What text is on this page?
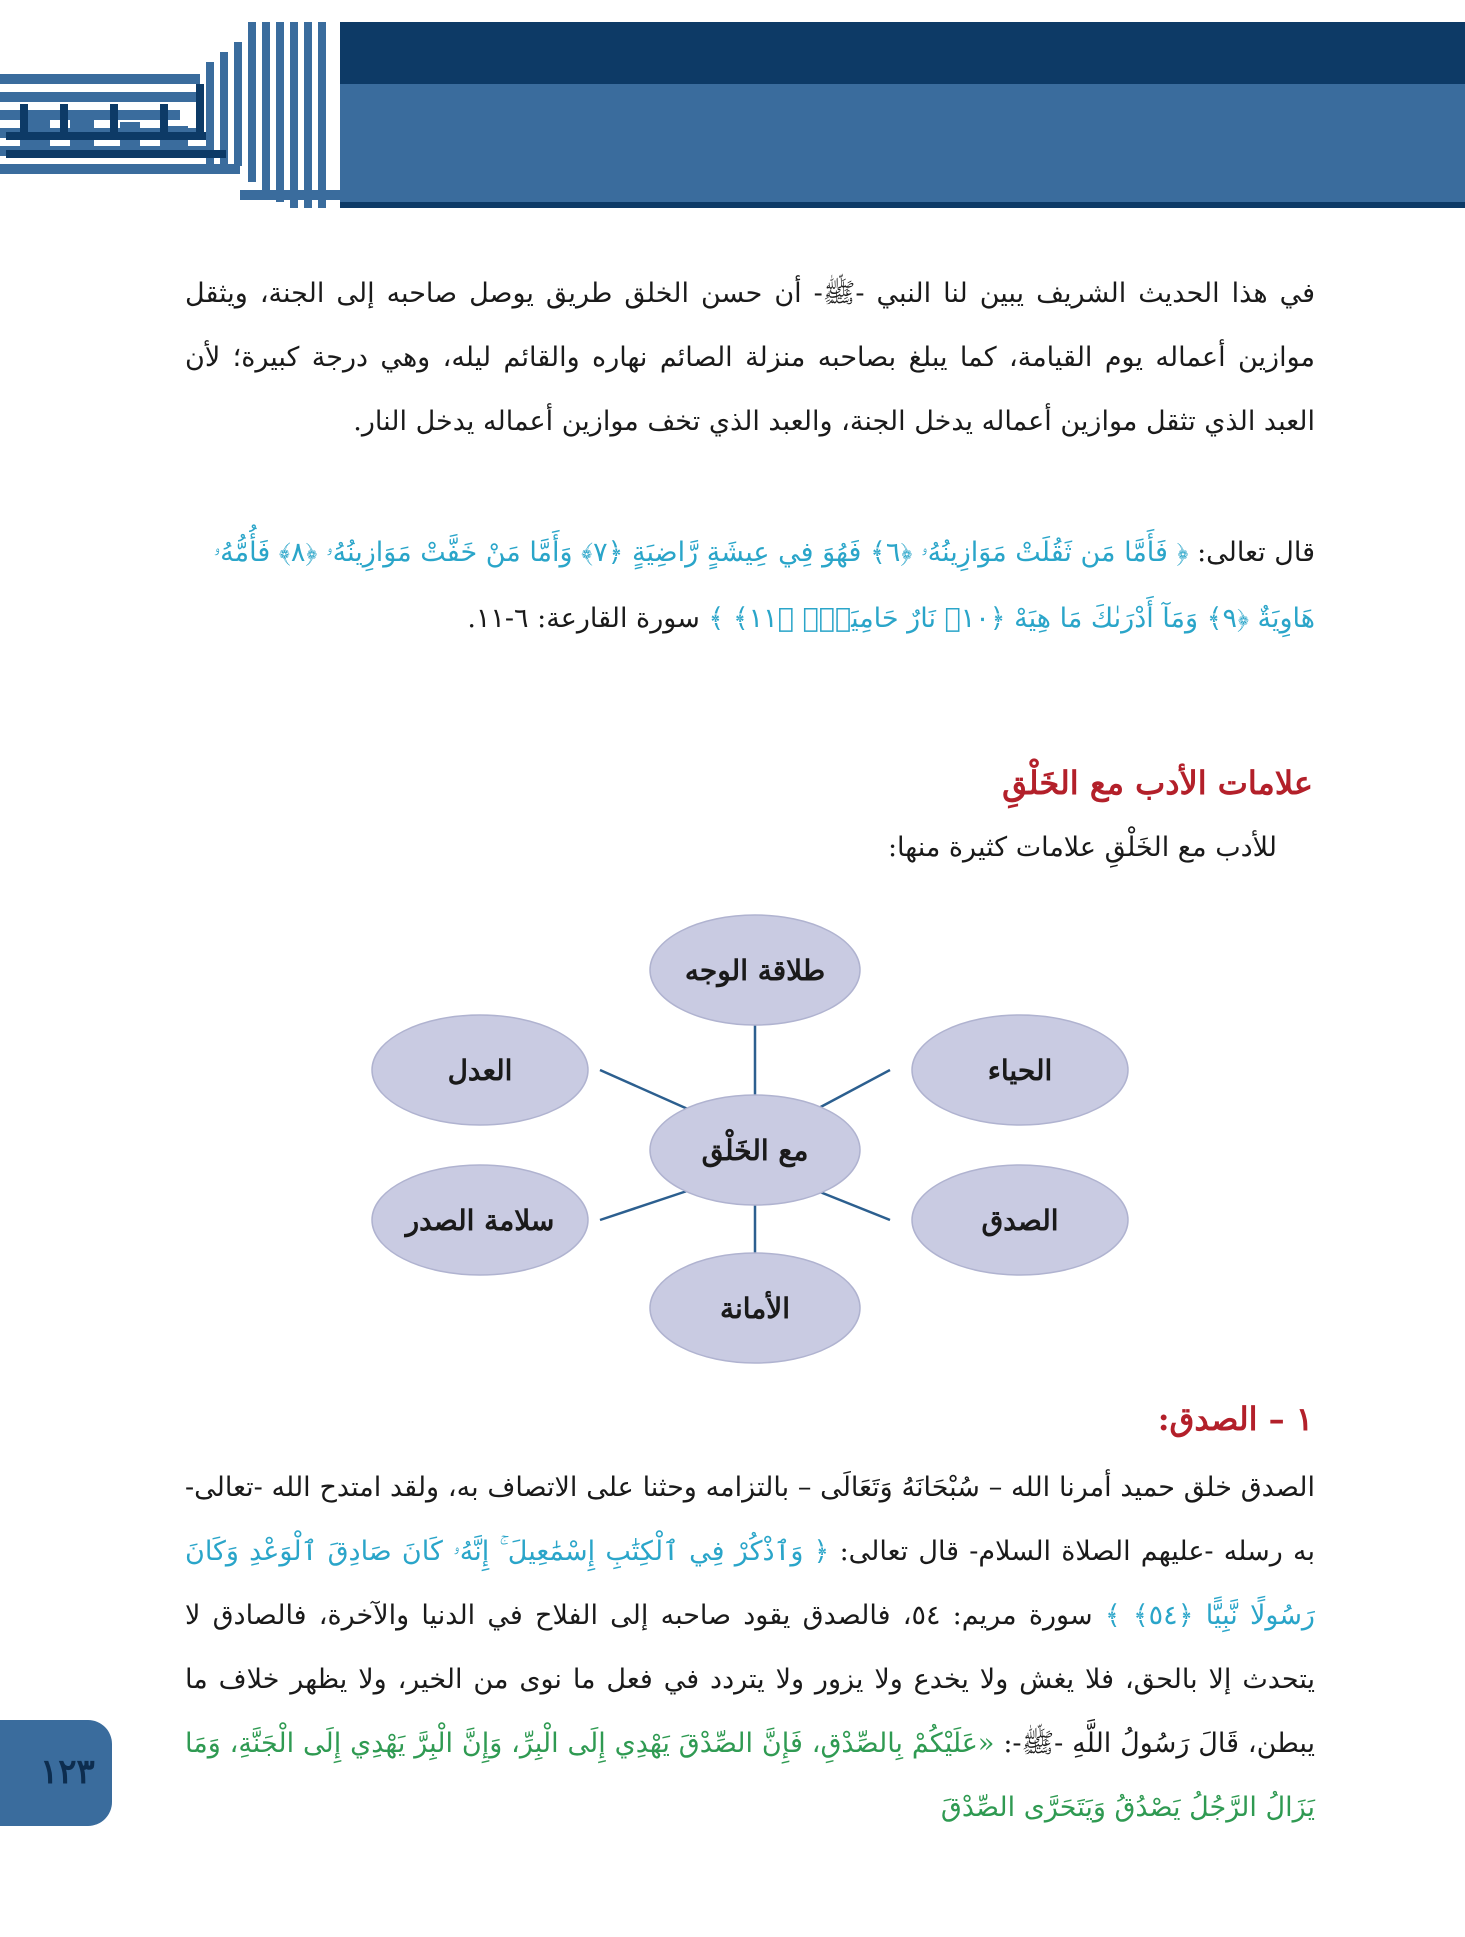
في هذا الحديث الشريف يبين لنا النبي -ﷺ- أن حسن الخلق طريق يوصل صاحبه إلى الجنة، ويثقل موازين أعماله يوم القيامة، كما يبلغ بصاحبه منزلة الصائم نهاره والقائم ليله، وهي درجة كبيرة؛ لأن العبد الذي تثقل موازين أعماله يدخل الجنة، والعبد الذي تخف موازين أعماله يدخل النار.
قال تعالى: ﴿ فَأَمَّا مَن ثَقُلَتْ مَوَازِينُهُۥ ﴿٦﴾ فَهُوَ فِي عِيشَةٍ رَّاضِيَةٍ ﴿٧﴾ وَأَمَّا مَنْ خَفَّتْ مَوَازِينُهُۥ ﴿٨﴾ فَأُمُّهُۥ هَاوِيَةٌ ﴿٩﴾ وَمَآ أَدْرَىٰكَ مَا هِيَهْ ﴿١٠﴾ نَارٌ حَامِيَةٌۢ ﴿١١﴾ ﴾ سورة القارعة: ٦-١١.
علامات الأدب مع الخَلْقِ
للأدب مع الخَلْقِ علامات كثيرة منها:
مع الخَلْق
طلاقة الوجه
الحياء
الصدق
الأمانة
سلامة الصدر
العدل
١ – الصدق:
الصدق خلق حميد أمرنا الله – سُبْحَانَهُ وَتَعَالَى – بالتزامه وحثنا على الاتصاف به، ولقد امتدح الله -تعالى- به رسله -عليهم الصلاة السلام- قال تعالى: ﴿ وَٱذْكُرْ فِي ٱلْكِتَٰبِ إِسْمَٰعِيلَ ۚ إِنَّهُۥ كَانَ صَادِقَ ٱلْوَعْدِ وَكَانَ رَسُولًا نَّبِيًّا ﴿٥٤﴾ ﴾ سورة مريم: ٥٤، فالصدق يقود صاحبه إلى الفلاح في الدنيا والآخرة، فالصادق لا يتحدث إلا بالحق، فلا يغش ولا يخدع ولا يزور ولا يتردد في فعل ما نوى من الخير، ولا يظهر خلاف ما يبطن، قَالَ رَسُولُ اللَّهِ -ﷺ-: «عَلَيْكُمْ بِالصِّدْقِ، فَإِنَّ الصِّدْقَ يَهْدِي إِلَى الْبِرِّ، وَإِنَّ الْبِرَّ يَهْدِي إِلَى الْجَنَّةِ، وَمَا يَزَالُ الرَّجُلُ يَصْدُقُ وَيَتَحَرَّى الصِّدْقَ
١٢٣
